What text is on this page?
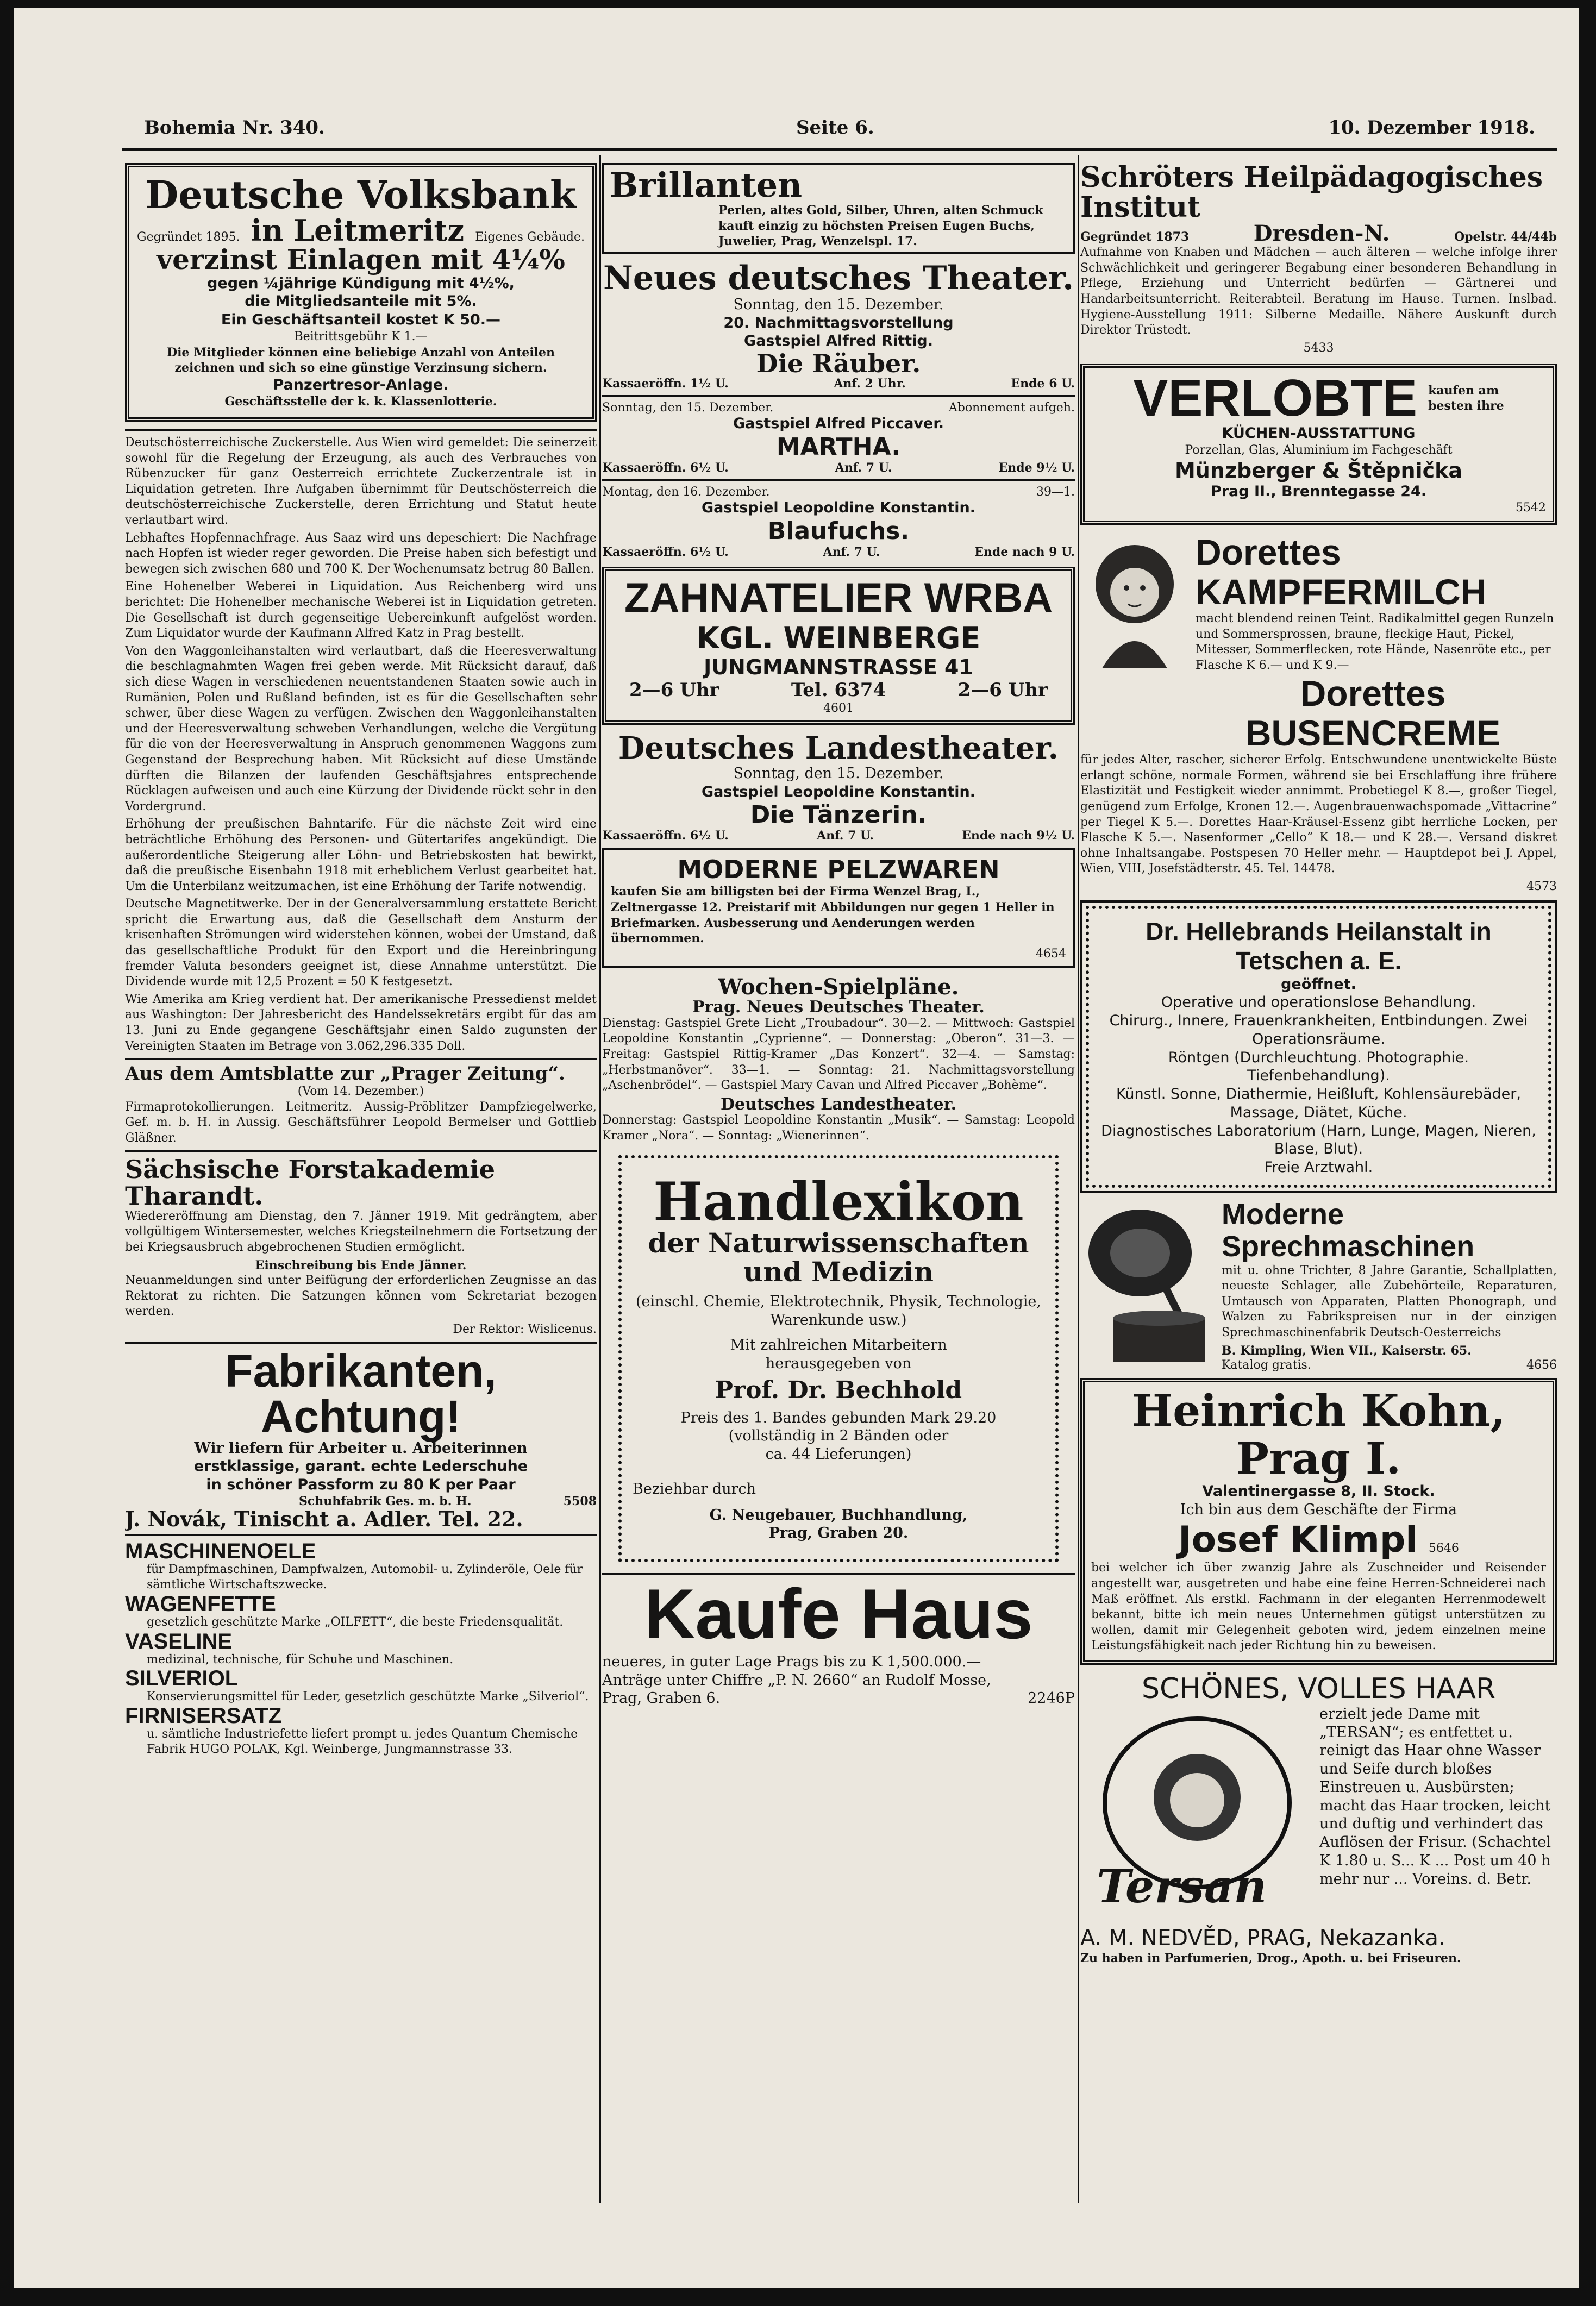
Bohemia Nr. 340.	Seite 6.	10. Dezember 1918.
Deutsche Volksbank
Gegründet 1895. in Leitmeritz Eigenes Gebäude.
verzinst Einlagen mit 4¼%
gegen ¼jährige Kündigung mit 4½%,
die Mitgliedsanteile mit 5%.
Ein Geschäftsanteil kostet K 50.—
Beitrittsgebühr K 1.—
Die Mitglieder können eine beliebige Anzahl von Anteilen zeichnen und sich so eine günstige Verzinsung sichern.
Panzertresor-Anlage.
Geschäftsstelle der k. k. Klassenlotterie.

Deutschösterreichische Zuckerstelle. Aus Wien wird gemeldet: Die seinerzeit sowohl für die Regelung der Erzeugung, als auch des Verbrauches von Rübenzucker für ganz Oesterreich errichtete Zuckerzentrale ist in Liquidation getreten. Ihre Aufgaben übernimmt für Deutschösterreich die deutschösterreichische Zuckerstelle, deren Errichtung und Statut heute verlautbart wird.

Lebhaftes Hopfennachfrage. Aus Saaz wird uns depeschiert: Die Nachfrage nach Hopfen ist wieder reger geworden. Die Preise haben sich befestigt und bewegen sich zwischen 680 und 700 K. Der Wochenumsatz betrug 80 Ballen.

Eine Hohenelber Weberei in Liquidation. Aus Reichenberg wird uns berichtet: Die Hohenelber mechanische Weberei ist in Liquidation getreten. Die Gesellschaft ist durch gegenseitige Uebereinkunft aufgelöst worden. Zum Liquidator wurde der Kaufmann Alfred Katz in Prag bestellt.

Von den Waggonleihanstalten wird verlautbart, daß die Heeresverwaltung die beschlagnahmten Wagen frei geben werde. Mit Rücksicht darauf, daß sich diese Wagen in verschiedenen neuentstandenen Staaten sowie auch in Rumänien, Polen und Rußland befinden, ist es für die Gesellschaften sehr schwer, über diese Wagen zu verfügen. Zwischen den Waggonleihanstalten und der Heeresverwaltung schweben Verhandlungen, welche die Vergütung für die von der Heeresverwaltung in Anspruch genommenen Waggons zum Gegenstand der Besprechung haben. Mit Rücksicht auf diese Umstände dürften die Bilanzen der laufenden Geschäftsjahres entsprechende Rücklagen aufweisen und auch eine Kürzung der Dividende rückt sehr in den Vordergrund.

Erhöhung der preußischen Bahntarife. Für die nächste Zeit wird eine beträchtliche Erhöhung des Personen- und Gütertarifes angekündigt. Die außerordentliche Steigerung aller Löhn- und Betriebskosten hat bewirkt, daß die preußische Eisenbahn 1918 mit erheblichem Verlust gearbeitet hat. Um die Unterbilanz weitzumachen, ist eine Erhöhung der Tarife notwendig.

Deutsche Magnetitwerke. Der in der Generalversammlung erstattete Bericht spricht die Erwartung aus, daß die Gesellschaft dem Ansturm der krisenhaften Strömungen wird widerstehen können, wobei der Umstand, daß das gesellschaftliche Produkt für den Export und die Hereinbringung fremder Valuta besonders geeignet ist, diese Annahme unterstützt. Die Dividende wurde mit 12,5 Prozent = 50 K festgesetzt.

Wie Amerika am Krieg verdient hat. Der amerikanische Pressedienst meldet aus Washington: Der Jahresbericht des Handelssekretärs ergibt für das am 13. Juni zu Ende gegangene Geschäftsjahr einen Saldo zugunsten der Vereinigten Staaten im Betrage von 3.062,296.335 Doll.

Aus dem Amtsblatte zur „Prager Zeitung“.
(Vom 14. Dezember.)

Firmaprotokollierungen. Leitmeritz. Aussig-Pröblitzer Dampfziegelwerke, Gef. m. b. H. in Aussig. Geschäftsführer Leopold Bermelser und Gottlieb Gläßner.

Sächsische Forstakademie Tharandt.

Wiedereröffnung am Dienstag, den 7. Jänner 1919. Mit gedrängtem, aber vollgültigem Wintersemester, welches Kriegsteilnehmern die Fortsetzung der bei Kriegsausbruch abgebrochenen Studien ermöglicht.

Einschreibung bis Ende Jänner.

Neuanmeldungen sind unter Beifügung der erforderlichen Zeugnisse an das Rektorat zu richten. Die Satzungen können vom Sekretariat bezogen werden.

Der Rektor: Wislicenus.
Fabrikanten, Achtung!
Wir liefern für Arbeiter u. Arbeiterinnen
erstklassige, garant. echte Lederschuhe
in schöner Passform zu 80 K per Paar
Schuhfabrik Ges. m. b. H.	5508
J. Novák, Tinischt a. Adler. Tel. 22.
MASCHINENOELE
für Dampfmaschinen, Dampfwalzen, Automobil- u. Zylinderöle, Oele für sämtliche Wirtschaftszwecke.
WAGENFETTE
gesetzlich geschützte Marke „OILFETT“, die beste Friedensqualität.
VASELINE
medizinal, technische, für Schuhe und Maschinen.
SILVERIOL
Konservierungsmittel für Leder, gesetzlich geschützte Marke „Silveriol“.
FIRNISERSATZ
u. sämtliche Industriefette liefert prompt u. jedes Quantum Chemische Fabrik HUGO POLAK, Kgl. Weinberge, Jungmannstrasse 33.
Brillanten
Perlen, altes Gold, Silber, Uhren, alten Schmuck kauft einzig zu höchsten Preisen Eugen Buchs, Juwelier, Prag, Wenzelspl. 17.
Neues deutsches Theater.
Sonntag, den 15. Dezember.
20. Nachmittagsvorstellung
Gastspiel Alfred Rittig.
Die Räuber.
Kassaeröffn. 1½ U.	Anf. 2 Uhr.	Ende 6 U.
Sonntag, den 15. Dezember.	Abonnement aufgeh.
Gastspiel Alfred Piccaver.
MARTHA.
Kassaeröffn. 6½ U.	Anf. 7 U.	Ende 9½ U.
Montag, den 16. Dezember.	39—1.
Gastspiel Leopoldine Konstantin.
Blaufuchs.
Kassaeröffn. 6½ U.	Anf. 7 U.	Ende nach 9 U.
ZAHNATELIER WRBA
KGL. WEINBERGE
JUNGMANNSTRASSE 41
2—6 Uhr	Tel. 6374	2—6 Uhr
4601
Deutsches Landestheater.
Sonntag, den 15. Dezember.
Gastspiel Leopoldine Konstantin.
Die Tänzerin.
Kassaeröffn. 6½ U.	Anf. 7 U.	Ende nach 9½ U.
MODERNE PELZWAREN
kaufen Sie am billigsten bei der Firma Wenzel Brag, I., Zeltnergasse 12. Preistarif mit Abbildungen nur gegen 1 Heller in Briefmarken. Ausbesserung und Aenderungen werden übernommen.
4654
Wochen-Spielpläne.
Prag. Neues Deutsches Theater.

Dienstag: Gastspiel Grete Licht „Troubadour“. 30—2. — Mittwoch: Gastspiel Leopoldine Konstantin „Cyprienne“. — Donnerstag: „Oberon“. 31—3. — Freitag: Gastspiel Rittig-Kramer „Das Konzert“. 32—4. — Samstag: „Herbstmanöver“. 33—1. — Sonntag: 21. Nachmittagsvorstellung „Aschenbrödel“. — Gastspiel Mary Cavan und Alfred Piccaver „Bohème“.

Deutsches Landestheater.

Donnerstag: Gastspiel Leopoldine Konstantin „Musik“. — Samstag: Leopold Kramer „Nora“. — Sonntag: „Wienerinnen“.

Handlexikon
der Naturwissenschaften
und Medizin
(einschl. Chemie, Elektrotechnik, Physik, Technologie, Warenkunde usw.)
Mit zahlreichen Mitarbeitern
herausgegeben von
Prof. Dr. Bechhold
Preis des 1. Bandes gebunden Mark 29.20
(vollständig in 2 Bänden oder
ca. 44 Lieferungen)
Beziehbar durch
G. Neugebauer, Buchhandlung,
Prag, Graben 20.
Kaufe Haus
neueres, in guter Lage Prags bis zu K 1,500.000.—
Anträge unter Chiffre „P. N. 2660“ an Rudolf Mosse,
Prag, Graben 6.	2246P
Schröters Heilpädagogisches Institut
Gegründet 1873	Dresden-N.	Opelstr. 44/44b

Aufnahme von Knaben und Mädchen — auch älteren — welche infolge ihrer Schwächlichkeit und geringerer Begabung einer besonderen Behandlung in Pflege, Erziehung und Unterricht bedürfen — Gärtnerei und Handarbeitsunterricht. Reiterabteil. Beratung im Hause. Turnen. Inslbad. Hygiene-Ausstellung 1911: Silberne Medaille. Nähere Auskunft durch Direktor Trüstedt.

5433
VERLOBTE kaufen am
besten ihre
KÜCHEN-AUSSTATTUNG
Porzellan, Glas, Aluminium im Fachgeschäft
Münzberger & Štěpnička
Prag II., Brenntegasse 24.
5542
Dorettes KAMPFERMILCH
macht blendend reinen Teint. Radikalmittel gegen Runzeln und Sommersprossen, braune, fleckige Haut, Pickel, Mitesser, Sommerflecken, rote Hände, Nasenröte etc., per Flasche K 6.— und K 9.—
Dorettes BUSENCREME

für jedes Alter, rascher, sicherer Erfolg. Entschwundene unentwickelte Büste erlangt schöne, normale Formen, während sie bei Erschlaffung ihre frühere Elastizität und Festigkeit wieder annimmt. Probetiegel K 8.—, großer Tiegel, genügend zum Erfolge, Kronen 12.—. Augenbrauenwachspomade „Vittacrine“ per Tiegel K 5.—. Dorettes Haar-Kräusel-Essenz gibt herrliche Locken, per Flasche K 5.—. Nasenformer „Cello“ K 18.— und K 28.—. Versand diskret ohne Inhaltsangabe. Postspesen 70 Heller mehr. — Hauptdepot bei J. Appel, Wien, VIII, Josefstädterstr. 45. Tel. 14478.

4573
Dr. Hellebrands Heilanstalt in Tetschen a. E.
geöffnet.
Operative und operationslose Behandlung.
Chirurg., Innere, Frauenkrankheiten, Entbindungen. Zwei Operationsräume.
Röntgen (Durchleuchtung. Photographie. Tiefenbehandlung).
Künstl. Sonne, Diathermie, Heißluft, Kohlensäurebäder, Massage, Diätet, Küche.
Diagnostisches Laboratorium (Harn, Lunge, Magen, Nieren, Blase, Blut).
Freie Arztwahl.
Moderne Sprechmaschinen

mit u. ohne Trichter, 8 Jahre Garantie, Schallplatten, neueste Schlager, alle Zubehörteile, Reparaturen, Umtausch von Apparaten, Platten Phonograph, und Walzen zu Fabrikspreisen nur in der einzigen Sprechmaschinenfabrik Deutsch-Oesterreichs

B. Kimpling, Wien VII., Kaiserstr. 65.
Katalog gratis.	4656
Heinrich Kohn, Prag I.
Valentinergasse 8, II. Stock.
Ich bin aus dem Geschäfte der Firma
Josef Klimpl 5646

bei welcher ich über zwanzig Jahre als Zuschneider und Reisender angestellt war, ausgetreten und habe eine feine Herren-Schneiderei nach Maß eröffnet. Als erstkl. Fachmann in der eleganten Herrenmodewelt bekannt, bitte ich mein neues Unternehmen gütigst unterstützen zu wollen, damit mir Gelegenheit geboten wird, jedem einzelnen meine Leistungsfähigkeit nach jeder Richtung hin zu beweisen.

SCHÖNES, VOLLES HAAR
Tersan
erzielt jede Dame mit „TERSAN“; es entfettet u. reinigt das Haar ohne Wasser und Seife durch bloßes Einstreuen u. Ausbürsten; macht das Haar trocken, leicht und duftig und verhindert das Auflösen der Frisur. (Schachtel K 1.80 u. S... K ... Post um 40 h mehr nur ... Voreins. d. Betr.
A. M. NEDVĚD, PRAG, Nekazanka.
Zu haben in Parfumerien, Drog., Apoth. u. bei Friseuren.
